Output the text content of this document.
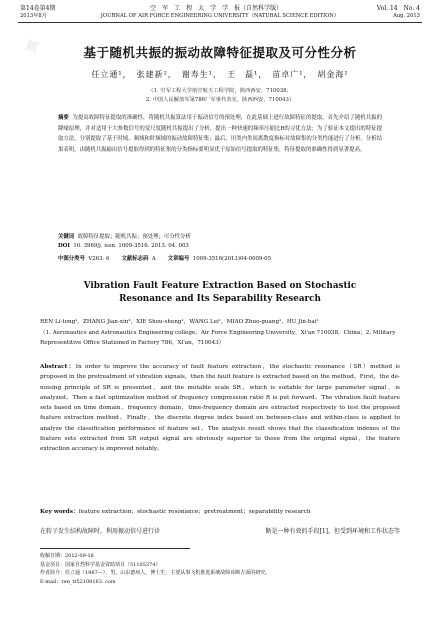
第14卷第4期	空　军　工　程　大　学　学　报（自然科学版）	Vol. 14　No. 4
2013年8月	JOURNAL OF AIR FORCE ENGINEERING UNIVERSITY（NATURAL SCIENCE EDITION）	Aug. 2013
基于随机共振的振动故障特征提取及可分性分析
任立通¹，　张建新²，　谢寿生¹，　王　磊¹，　苗卓广¹，　胡金海¹
（1. 空军工程大学航空航天工程学院，陕西西安，710038；
2. 中国人民解放军第786厂军事代表室，陕西西安，710043）
摘要 为提高故障特征提取的准确性，将随机共振算法用于振动信号的预处理，在此基础上进行故障特征的提取。首先介绍了随机共振的降噪原理，并对适用于大参数信号的变尺度随机共振提出了分析，提出一种快速的频率压缩比R的寻优方法；为了验证本文提出的特征提取方法，分别提取了基于时域、频域和时频域的振动故障特征集；最后，用类内类间离散度指标对故障集的分类性能进行了分析。分析结果表明，由随机共振输出信号提取得到的特征集的分类指标要明显优于原始信号提取的特征集，特征提取的准确性得到显著提高。
关键词 故障特征提取；随机共振；预处理；可分性分析
DOI 10. 3969/j. issn. 1009-3516. 2013. 04. 003
中图分类号 V263. 6 文献标志码 A 文章编号 1009-3516(2013)04-0009-05
Vibration Fault Feature Extraction Based on Stochastic Resonance and Its Separability Research
REN Li-tong¹，ZHANG Jian-xin²，XIE Shou-sheng¹，WANG Lei¹，MIAO Zhuo-guang¹，HU Jin-hai¹
（1. Aeronautics and Astronautics Engineering college，Air Force Engineering University，Xi'an 710038，China；2. Military Representitive Office Stationed in Factory 786，Xi'an，710043）
Abstract：In order to improve the accuracy of fault feature extraction，the stochastic resonance（SR）method is proposed in the pretreatment of vibration signals，then the fault feature is extracted based on the method。First，the de-noising principle of SR is presented，and the mutable scale SR，which is suitable for large parameter signal，is analyzed。Then a fast optimization method of frequency compression ratio R is put forward。The vibration fault feature sets based on time domain，frequency domain，time-frequency domain are extracted respectively to test the proposed feature extraction method。Finally，the discrete degree index based on between-class and within-class is applied to analyze the classification performance of feature set。The analysis result shows that the classification indexes of the feature sets extracted from SR output signal are obviously superior to those from the original signal，the feature extraction accuracy is improved notably。
Key words：feature extraction；stochastic resonance；pretreatment；separability research
在转子发生结构故障时，利用振动信号进行诊	断是一种有效的手段[1]，但受到环境和工作状态等
收稿日期：2012-09-18
基金项目：国家自然科学基金资助项目（51105374）
作者简介：任立通（1987—），男，山东德州人，博士生，主要从事飞机推进系统故障诊断方面的研究。
E-mail：ren_tt52108163. com
✦
